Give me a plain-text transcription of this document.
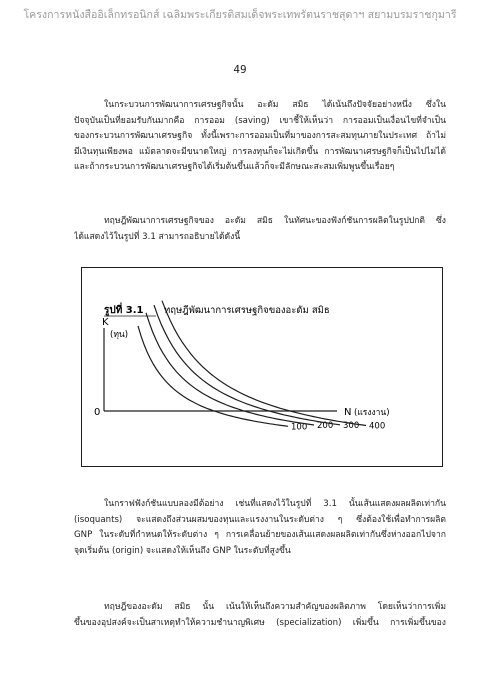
โครงการหนังสืออิเล็กทรอนิกส์ เฉลิมพระเกียรติสมเด็จพระเทพรัตนราชสุดาฯ สยามบรมราชกุมารี
49
ในกระบวนการพัฒนาการเศรษฐกิจนั้น อะดัม สมิธ ได้เน้นถึงปัจจัยอย่างหนึ่ง ซึ่งใน
ปัจจุบันเป็นที่ยอมรับกันมากคือ การออม (saving) เขาชี้ให้เห็นว่า การออมเป็นเงื่อนไขที่จำเป็น
ของกระบวนการพัฒนาเศรษฐกิจ ทั้งนี้เพราะการออมเป็นที่มาของการสะสมทุนภายในประเทศ ถ้าไม่
มีเงินทุนเพียงพอ แม้ตลาดจะมีขนาดใหญ่ การลงทุนก็จะไม่เกิดขึ้น การพัฒนาเศรษฐกิจก็เป็นไปไม่ได้
และถ้ากระบวนการพัฒนาเศรษฐกิจได้เริ่มต้นขึ้นแล้วก็จะมีลักษณะสะสมเพิ่มพูนขึ้นเรื่อยๆ
ทฤษฎีพัฒนาการเศรษฐกิจของ อะดัม สมิธ ในทัศนะของฟังก์ชันการผลิตในรูปปกติ ซึ่ง
ได้แสดงไว้ในรูปที่ 3.1 สามารถอธิบายได้ดังนี้
รูปที่ 3.1 ทฤษฎีพัฒนาการเศรษฐกิจของอะดัม สมิธ
K
(ทุน)
0	N (แรงงาน)
100 200 300 400
ในกราฟฟังก์ชันแบบลองมีต้อย่าง เช่นที่แสดงไว้ในรูปที่ 3.1 นั้นเส้นแสดงผลผลิตเท่ากัน
(isoquants) จะแสดงถึงส่วนผสมของทุนและแรงงานในระดับต่าง ๆ ซึ่งต้องใช้เพื่อทำการผลิต
GNP ในระดับที่กำหนดให้ระดับต่าง ๆ การเคลื่อนย้ายของเส้นแสดงผลผลิตเท่ากันซึ่งห่างออกไปจาก
จุดเริ่มต้น (origin) จะแสดงให้เห็นถึง GNP ในระดับที่สูงขึ้น
ทฤษฎีของอะดัม สมิธ นั้น เน้นให้เห็นถึงความสำคัญของผลิตภาพ โดยเห็นว่าการเพิ่ม
ขึ้นของอุปสงค์จะเป็นสาเหตุทำให้ความชำนาญพิเศษ (specialization) เพิ่มขึ้น การเพิ่มขึ้นของ
